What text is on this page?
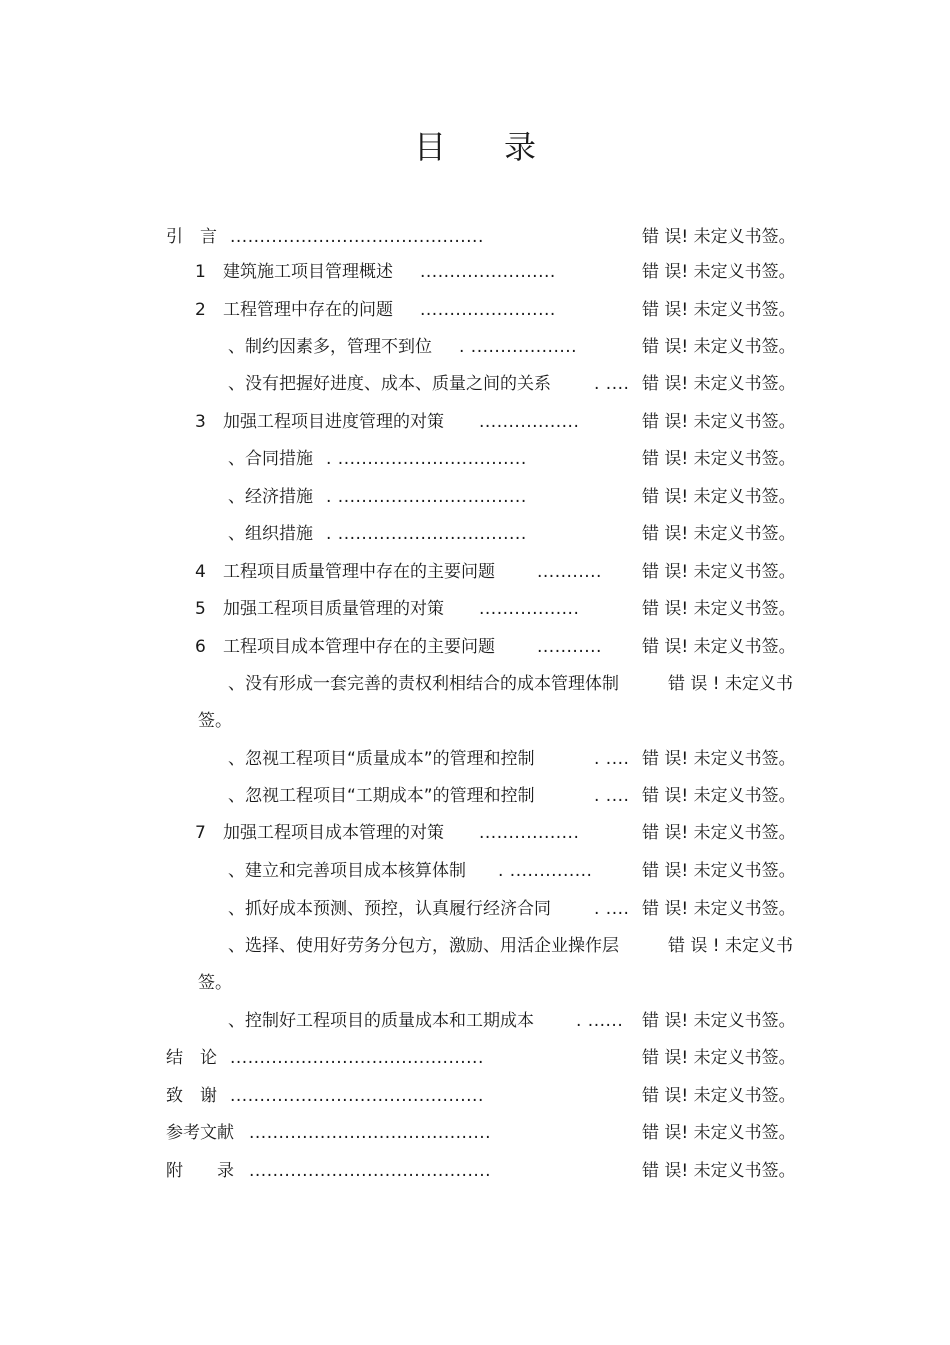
目 录
引　言 ...........................................	错 误! 未定义书签。
1 建筑施工项目管理概述 .......................	错 误! 未定义书签。
2 工程管理中存在的问题 .......................	错 误! 未定义书签。
、制约因素多，管理不到位 . ..................	错 误! 未定义书签。
、没有把握好进度、成本、质量之间的关系	. .... 错 误! 未定义书签。
3 加强工程项目进度管理的对策 .................	错 误! 未定义书签。
、合同措施 . ................................	错 误! 未定义书签。
、经济措施 . ................................	错 误! 未定义书签。
、组织措施 . ................................	错 误! 未定义书签。
4 工程项目质量管理中存在的主要问题 ........... 错 误! 未定义书签。
5 加强工程项目质量管理的对策 .................	错 误! 未定义书签。
6 工程项目成本管理中存在的主要问题 ........... 错 误! 未定义书签。
、没有形成一套完善的责权利相结合的成本管理体制	错 误 ! 未定义书
签。
、忽视工程项目“质量成本”的管理和控制	. .... 错 误! 未定义书签。
、忽视工程项目“工期成本”的管理和控制	. .... 错 误! 未定义书签。
7 加强工程项目成本管理的对策 .................	错 误! 未定义书签。
、建立和完善项目成本核算体制 . ..............	错 误! 未定义书签。
、抓好成本预测、预控，认真履行经济合同	. .... 错 误! 未定义书签。
、选择、使用好劳务分包方，激励、用活企业操作层	错 误 ! 未定义书
签。
、控制好工程项目的质量成本和工期成本 . ...... 错 误! 未定义书签。
结　论 ...........................................	错 误! 未定义书签。
致　谢 ...........................................	错 误! 未定义书签。
参考文献 .........................................	错 误! 未定义书签。
附　　录 .........................................	错 误! 未定义书签。
